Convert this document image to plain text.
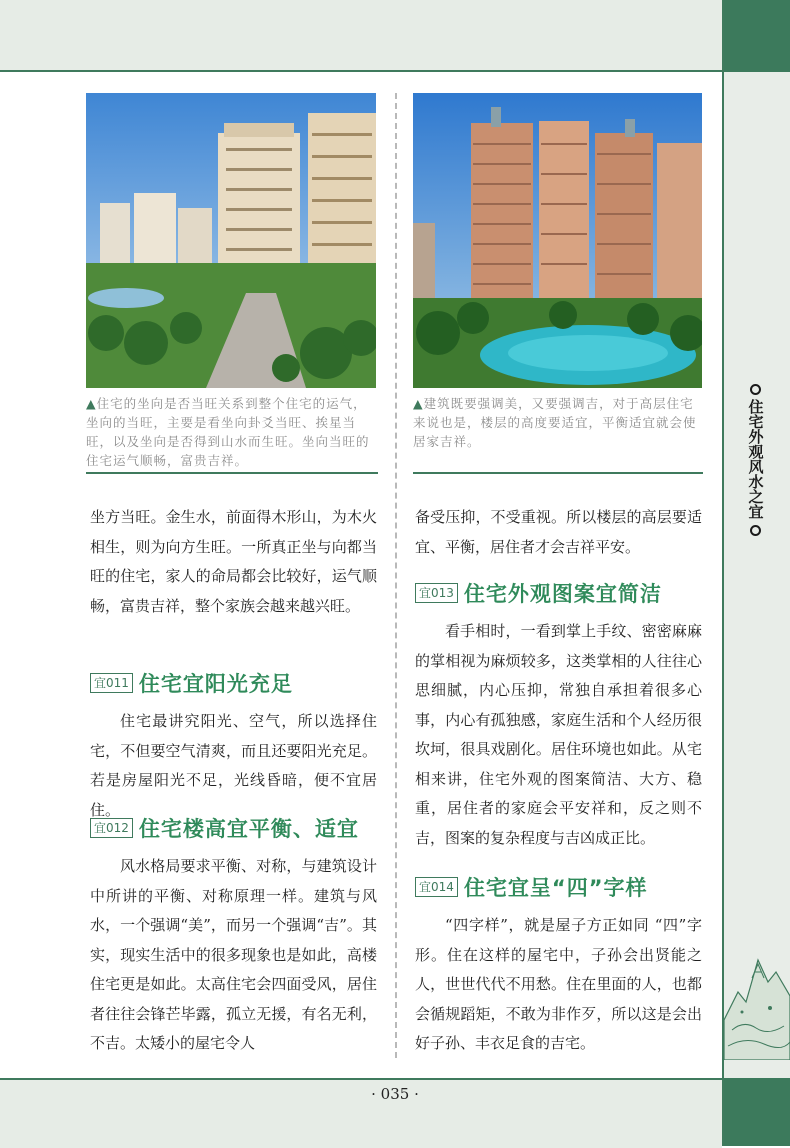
住宅外观风水之宜
▲住宅的坐向是否当旺关系到整个住宅的运气，坐向的当旺，主要是看坐向卦爻当旺、挨星当旺，以及坐向是否得到山水而生旺。坐向当旺的住宅运气顺畅，富贵吉祥。
▲建筑既要强调美，又要强调吉，对于高层住宅来说也是，楼层的高度要适宜，平衡适宜就会使居家吉祥。

坐方当旺。金生水，前面得木形山，为木火相生，则为向方生旺。一所真正坐与向都当旺的住宅，家人的命局都会比较好，运气顺畅，富贵吉祥，整个家族会越来越兴旺。

宜011 住宅宜阳光充足

住宅最讲究阳光、空气，所以选择住宅，不但要空气清爽，而且还要阳光充足。若是房屋阳光不足，光线昏暗，便不宜居住。

宜012 住宅楼高宜平衡、适宜

风水格局要求平衡、对称，与建筑设计中所讲的平衡、对称原理一样。建筑与风水，一个强调“美”，而另一个强调“吉”。其实，现实生活中的很多现象也是如此，高楼住宅更是如此。太高住宅会四面受风，居住者往往会锋芒毕露，孤立无援，有名无利，不吉。太矮小的屋宅令人

备受压抑，不受重视。所以楼层的高层要适宜、平衡，居住者才会吉祥平安。

宜013 住宅外观图案宜简洁

看手相时，一看到掌上手纹、密密麻麻的掌相视为麻烦较多，这类掌相的人往往心思细腻，内心压抑，常独自承担着很多心事，内心有孤独感，家庭生活和个人经历很坎坷，很具戏剧化。居住环境也如此。从宅相来讲，住宅外观的图案简洁、大方、稳重，居住者的家庭会平安祥和，反之则不吉，图案的复杂程度与吉凶成正比。

宜014 住宅宜呈“四”字样

“四字样”，就是屋子方正如同 “四”字形。住在这样的屋宅中，子孙会出贤能之人，世世代代不用愁。住在里面的人，也都会循规蹈矩，不敢为非作歹，所以这是会出好子孙、丰衣足食的吉宅。

· 035 ·
